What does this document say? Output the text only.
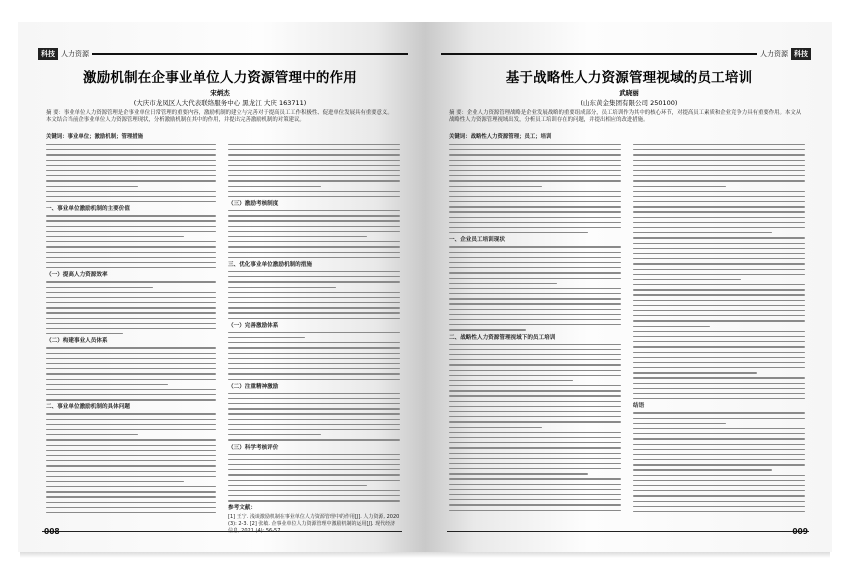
科技 人力资源
激励机制在企事业单位人力资源管理中的作用
宋炳杰
(大庆市龙凤区人大代表联络服务中心 黑龙江 大庆 163711)
摘 要：事业单位人力资源管理是企事业单位日常管理的重要内容，激励机制的建立与完善对于提高员工工作积极性、促进单位发展具有重要意义。本文结合当前企事业单位人力资源管理现状，分析激励机制在其中的作用，并提出完善激励机制的对策建议。
关键词：事业单位；激励机制；管理措施
一、事业单位激励机制的主要价值
（一）提高人力资源效率
（二）构建事业人员体系
二、事业单位激励机制的具体问题
（三）激励考核制度
三、优化事业单位激励机制的措施
（一）完善激励体系
（二）注重精神激励
（三）科学考核评价
参考文献：
[1] 王宁. 浅谈激励机制在事业单位人力资源管理中的作用[J]. 人力资源, 2020 (3): 2-3. [2] 张敏. 企事业单位人力资源管理中激励机制的运用[J]. 现代经济
008
人力资源 科技
基于战略性人力资源管理视域的员工培训
武晓丽
(山东黄金集团有限公司 250100)
摘 要：企业人力资源管理战略是企业发展战略的重要组成部分，员工培训作为其中的核心环节，对提高员工素质和企业竞争力具有重要作用。本文从战略性人力资源管理视域出发，分析员工培训存在的问题，并提出相应的改进措施。
关键词：战略性人力资源管理；员工；培训
一、企业员工培训现状
二、战略性人力资源管理视域下的员工培训
结语
009
